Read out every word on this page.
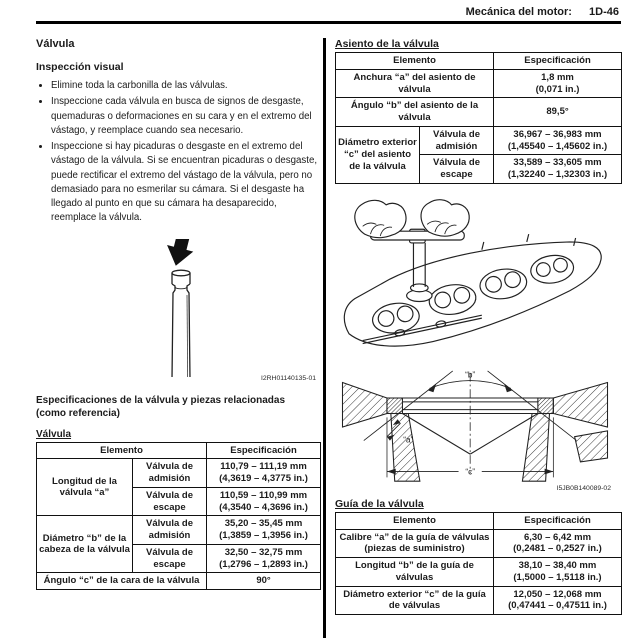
Mecánica del motor: 1D-46
Válvula
Inspección visual
• Elimine toda la carbonilla de las válvulas.
• Inspeccione cada válvula en busca de signos de desgaste, quemaduras o deformaciones en su cara y en el extremo del vástago, y reemplace cuando sea necesario.
• Inspeccione si hay picaduras o desgaste en el extremo del vástago de la válvula. Si se encuentran picaduras o desgaste, puede rectificar el extremo del vástago de la válvula, pero no demasiado para no esmerilar su cámara. Si el desgaste ha llegado al punto en que su cámara ha desaparecido, reemplace la válvula.
I2RH01140135-01

Especificaciones de la válvula y piezas relacionadas
(como referencia)

Válvula
Elemento		Especificación
Longitud de la válvula “a”	Válvula de admisión	110,79 – 111,19 mm
(4,3619 – 4,3775 in.)

	Válvula de escape	110,59 – 110,99 mm
(4,3540 – 4,3696 in.)

Diámetro “b” de la cabeza de la válvula	Válvula de admisión	35,20 – 35,45 mm
(1,3859 – 1,3956 in.)

	Válvula de escape	32,50 – 32,75 mm
(1,2796 – 1,2893 in.)

Ángulo “c” de la cara de la válvula		90°
Asiento de la válvula
Elemento		Especificación
Anchura “a” del asiento de válvula		1,8 mm
(0,071 in.)

Ángulo “b” del asiento de la válvula		89,5°
Diámetro exterior “c” del asiento de la válvula	Válvula de admisión	36,967 – 36,983 mm
(1,45540 – 1,45602 in.)

	Válvula de escape	33,589 – 33,605 mm
(1,32240 – 1,32303 in.)
“b”
“a”
“c”
I5JB0B140089-02
Guía de la válvula
Elemento	Especificación
Calibre “a” de la guía de válvulas (piezas de suministro)	6,30 – 6,42 mm
(0,2481 – 0,2527 in.)

Longitud “b” de la guía de válvulas	38,10 – 38,40 mm
(1,5000 – 1,5118 in.)

Diámetro exterior “c” de la guía de válvulas	12,050 – 12,068 mm
(0,47441 – 0,47511 in.)
